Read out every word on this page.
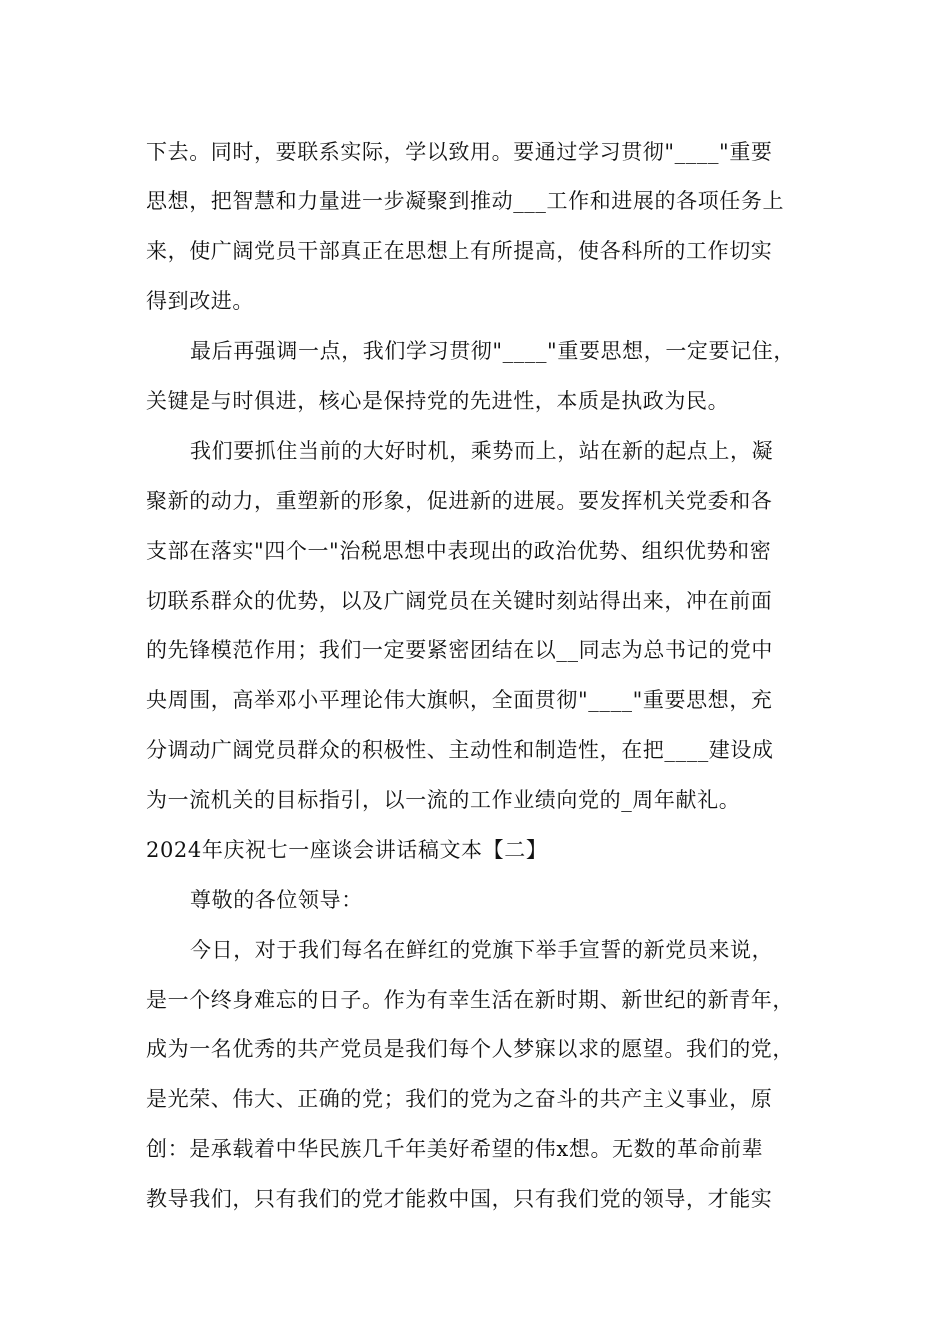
下去。同时，要联系实际，学以致用。要通过学习贯彻"____"重要
思想，把智慧和力量进一步凝聚到推动___工作和进展的各项任务上
来，使广阔党员干部真正在思想上有所提高，使各科所的工作切实
得到改进。
最后再强调一点，我们学习贯彻"____"重要思想，一定要记住，
关键是与时俱进，核心是保持党的先进性，本质是执政为民。
我们要抓住当前的大好时机，乘势而上，站在新的起点上，凝
聚新的动力，重塑新的形象，促进新的进展。要发挥机关党委和各
支部在落实"四个一"治税思想中表现出的政治优势、组织优势和密
切联系群众的优势，以及广阔党员在关键时刻站得出来，冲在前面
的先锋模范作用；我们一定要紧密团结在以__同志为总书记的党中
央周围，高举邓小平理论伟大旗帜，全面贯彻"____"重要思想，充
分调动广阔党员群众的积极性、主动性和制造性，在把____建设成
为一流机关的目标指引，以一流的工作业绩向党的_周年献礼。
2024年庆祝七一座谈会讲话稿文本【二】
尊敬的各位领导：
今日，对于我们每名在鲜红的党旗下举手宣誓的新党员来说，
是一个终身难忘的日子。作为有幸生活在新时期、新世纪的新青年，
成为一名优秀的共产党员是我们每个人梦寐以求的愿望。我们的党，
是光荣、伟大、正确的党；我们的党为之奋斗的共产主义事业，原
创：是承载着中华民族几千年美好希望的伟x想。无数的革命前辈
教导我们，只有我们的党才能救中国，只有我们党的领导，才能实
